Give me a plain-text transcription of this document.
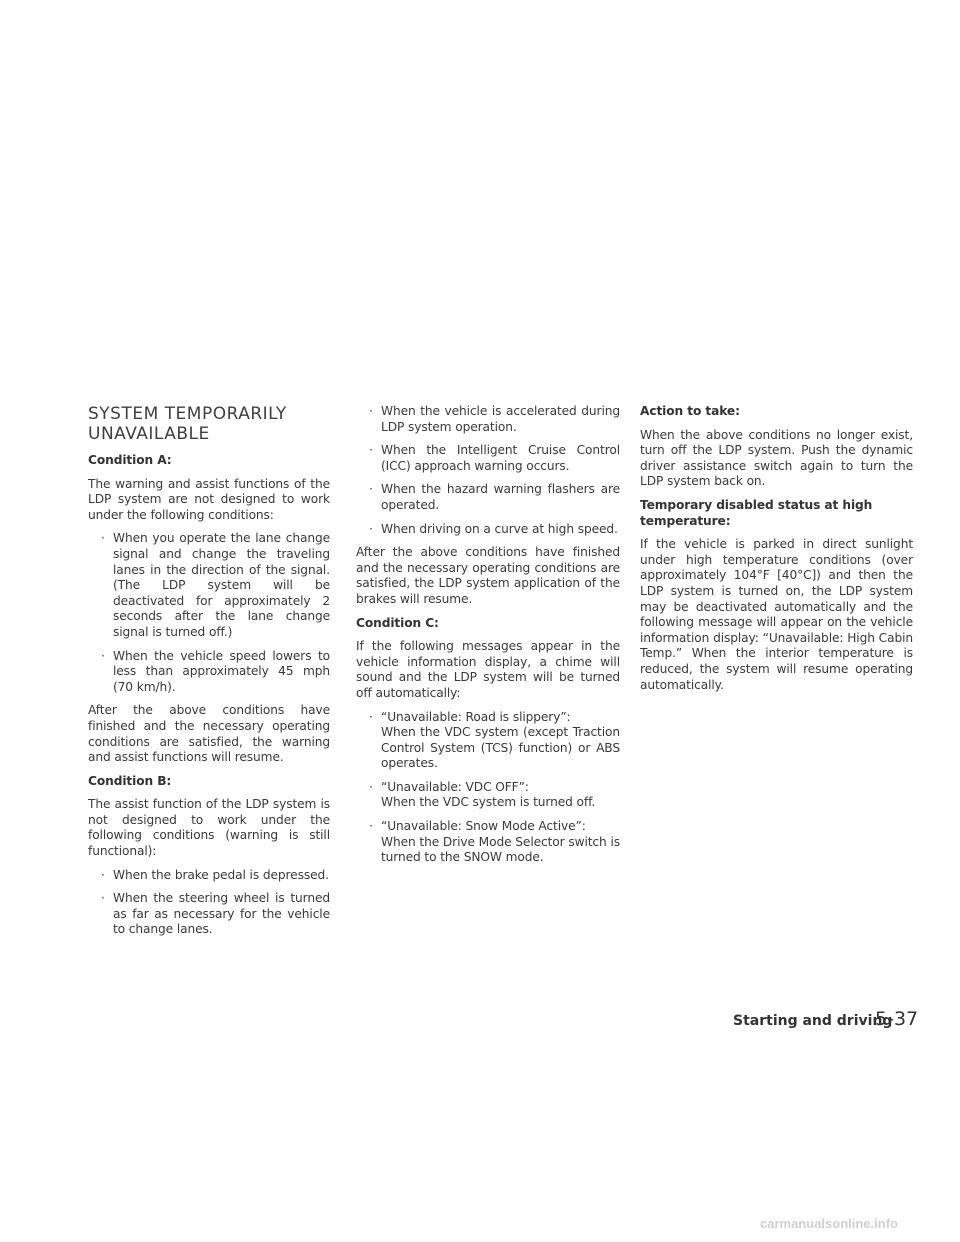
SYSTEM TEMPORARILY
UNAVAILABLE
Condition A:

The warning and assist functions of the LDP system are not designed to work under the following conditions:

· When you operate the lane change signal and change the traveling lanes in the direction of the signal. (The LDP system will be deactivated for approximately 2 seconds after the lane change signal is turned off.)
· When the vehicle speed lowers to less than approximately 45 mph (70 km/h).

After the above conditions have finished and the necessary operating conditions are satisfied, the warning and assist functions will resume.

Condition B:

The assist function of the LDP system is not designed to work under the following conditions (warning is still functional):

· When the brake pedal is depressed.
· When the steering wheel is turned as far as necessary for the vehicle to change lanes.
· When the vehicle is accelerated during LDP system operation.
· When the Intelligent Cruise Control (ICC) approach warning occurs.
· When the hazard warning flashers are operated.
· When driving on a curve at high speed.

After the above conditions have finished and the necessary operating conditions are satisfied, the LDP system application of the brakes will resume.

Condition C:

If the following messages appear in the vehicle information display, a chime will sound and the LDP system will be turned off automatically:

· “Unavailable: Road is slippery”:
When the VDC system (except Traction Control System (TCS) function) or ABS operates.
· “Unavailable: VDC OFF”:
When the VDC system is turned off.
· “Unavailable: Snow Mode Active”:
When the Drive Mode Selector switch is turned to the SNOW mode.
Action to take:

When the above conditions no longer exist, turn off the LDP system. Push the dynamic driver assistance switch again to turn the LDP system back on.

Temporary disabled status at high temperature:

If the vehicle is parked in direct sunlight under high temperature conditions (over approximately 104°F [40°C]) and then the LDP system is turned on, the LDP system may be deactivated automatically and the following message will appear on the vehicle information display: “Unavailable: High Cabin Temp.” When the interior temperature is reduced, the system will resume operating automatically.

Starting and driving
5-37
carmanualsonline.info
